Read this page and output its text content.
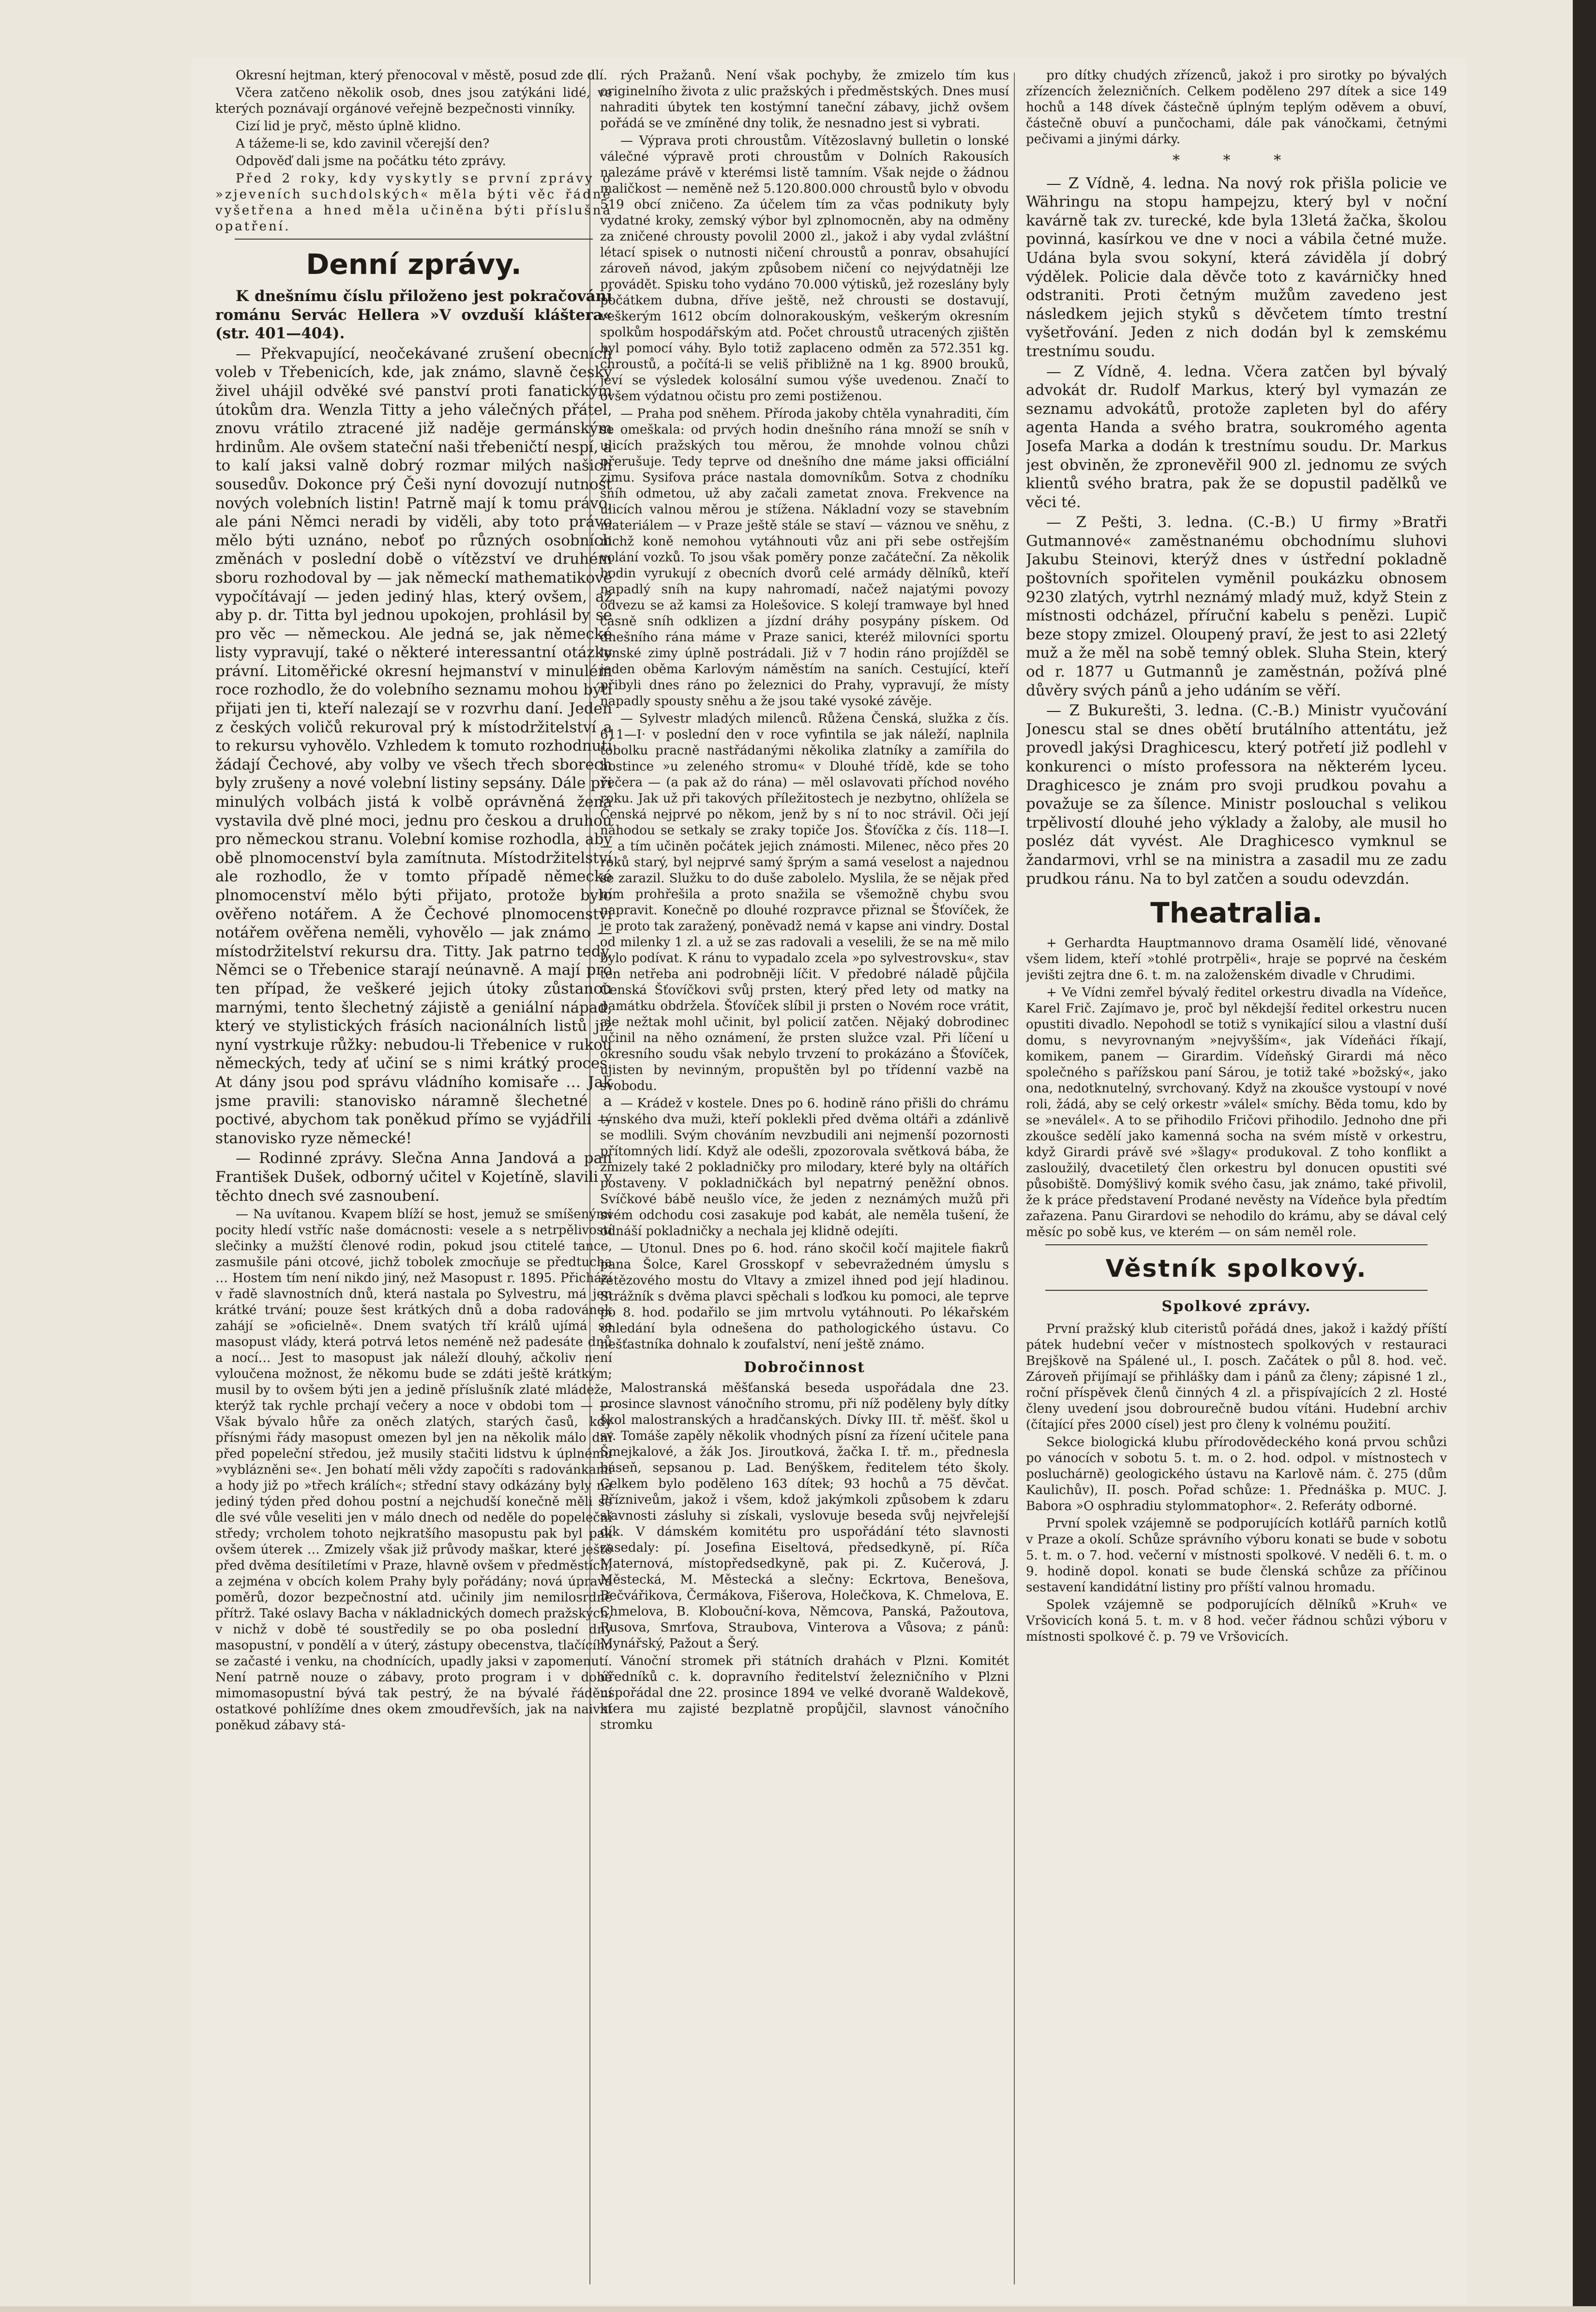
Okresní hejtman, který přenocoval v městě, posud zde dlí.

Včera zatčeno několik osob, dnes jsou zatýkáni lidé, ve kterých poznávají orgánové veřejně bezpečnosti vinníky.

Cizí lid je pryč, město úplně klidno.

A tážeme-li se, kdo zavinil včerejší den?

Odpověď dali jsme na počátku této zprávy.

Před 2 roky, kdy vyskytly se první zprávy o »zjeveních suchdolských« měla býti věc řádně vyšetřena a hned měla učiněna býti příslušná opatření.

Denní zprávy.

K dnešnímu číslu přiloženo jest pokračování románu Servác Hellera »V ovzduší kláštera« (str. 401—404).

— Překvapující, neočekávané zrušení obecních voleb v Třebenicích, kde, jak známo, slavně český živel uhájil odvěké své panství proti fanatickým útokům dra. Wenzla Titty a jeho válečných přátel, znovu vrátilo ztracené již naděje germánským hrdinům. Ale ovšem stateční naši třebeničtí nespí, a to kalí jaksi valně dobrý rozmar milých našich sousedův. Dokonce prý Češi nyní dovozují nutnost nových volebních listin! Patrně mají k tomu právo, ale páni Němci neradi by viděli, aby toto právo mělo býti uznáno, neboť po různých osobních změnách v poslední době o vítězství ve druhém sboru rozhodoval by — jak německí mathematikové vypočítávají — jeden jediný hlas, který ovšem, až aby p. dr. Titta byl jednou upokojen, prohlásil by se pro věc — německou. Ale jedná se, jak německé listy vypravují, také o některé interessantní otázky právní. Litoměřické okresní hejmanství v minulém roce rozhodlo, že do volebního seznamu mohou býti přijati jen ti, kteří nalezají se v rozvrhu daní. Jeden z českých voličů rekuroval prý k místodržitelství a to rekursu vyhovělo. Vzhledem k tomuto rozhodnutí žádají Čechové, aby volby ve všech třech sborech byly zrušeny a nové volební listiny sepsány. Dále při minulých volbách jistá k volbě oprávněná žena vystavila dvě plné moci, jednu pro českou a druhou pro německou stranu. Volební komise rozhodla, aby obě plnomocenství byla zamítnuta. Místodržitelství ale rozhodlo, že v tomto případě německé plnomocenství mělo býti přijato, protože bylo ověřeno notářem. A že Čechové plnomocenství notářem ověřena neměli, vyhovělo — jak známo — místodržitelství rekursu dra. Titty. Jak patrno tedy, Němci se o Třebenice starají neúnavně. A mají pro ten případ, že veškeré jejich útoky zůstanou marnými, tento šlechetný zájistě a geniální nápad, který ve stylistických frásích nacionálních listů již nyní vystrkuje růžky: nebudou-li Třebenice v rukou německých, tedy ať učiní se s nimi krátký proces. At dány jsou pod správu vládního komisaře … Jak jsme pravili: stanovisko náramně šlechetné a poctivé, abychom tak poněkud přímo se vyjádřili — stanovisko ryze německé!

— Rodinné zprávy. Slečna Anna Jandová a pan František Dušek, odborný učitel v Kojetíně, slavili v těchto dnech své zasnoubení.

— Na uvítanou. Kvapem blíží se host, jemuž se smíšenými pocity hledí vstříc naše domácnosti: vesele a s netrpělivostí slečinky a mužští členové rodin, pokud jsou ctitelé tance, zasmušile páni otcové, jichž tobolek zmocňuje se předtucha … Hostem tím není nikdo jiný, než Masopust r. 1895. Přichází v řadě slavnostních dnů, která nastala po Sylvestru, má jen krátké trvání; pouze šest krátkých dnů a doba radovánek zahájí se »oficielně«. Dnem svatých tří králů ujímá se masopust vlády, která potrvá letos neméně než padesáte dnů a nocí… Jest to masopust jak náleží dlouhý, ačkoliv není vyloučena možnost, že někomu bude se zdáti ještě krátkým; musil by to ovšem býti jen a jedině příslušník zlaté mládeže, kterýž tak rychle prchají večery a noce v obdobi tom — — Však bývalo hůře za oněch zlatých, starých časů, kdy přísnými řády masopust omezen byl jen na několik málo dní před popeleční středou, jež musily stačiti lidstvu k úplnému »vyblázněni se«. Jen bohatí měli vždy započíti s radovánkami a hody již po »třech králích«; střední stavy odkázány byly na jediný týden před dohou postní a nejchudší konečně měli se dle své vůle veseliti jen v málo dnech od neděle do popeleční středy; vrcholem tohoto nejkratšího masopustu pak byl pak ovšem úterek … Zmizely však již průvody maškar, které ještě před dvěma desítiletími v Praze, hlavně ovšem v předměstích, a zejména v obcích kolem Prahy byly pořádány; nová úprava poměrů, dozor bezpečnostní atd. učinily jim nemilosrdně přítrž. Také oslavy Bacha v nákladnických domech pražských, v nichž v době té soustředily se po oba poslední dny masopustní, v pondělí a v úterý, zástupy obecenstva, tlačícího se začasté i venku, na chodnících, upadly jaksi v zapomenutí. Není patrně nouze o zábavy, proto program i v době mimomasopustní bývá tak pestrý, že na bývalé řádění ostatkové pohlížíme dnes okem zmoudřevších, jak na naivní poněkud zábavy stá-

rých Pražanů. Není však pochyby, že zmizelo tím kus originelního života z ulic pražských i předměstských. Dnes musí nahraditi úbytek ten kostýmní taneční zábavy, jichž ovšem pořádá se ve zmíněné dny tolik, že nesnadno jest si vybrati.

— Výprava proti chroustům. Vítězoslavný bulletin o lonské válečné výpravě proti chroustům v Dolních Rakousích nalezáme právě v kterémsi listě tamním. Však nejde o žádnou maličkost — neměně než 5.120.800.000 chroustů bylo v obvodu 519 obcí zničeno. Za účelem tím za včas podnikuty byly vydatné kroky, zemský výbor byl zplnomocněn, aby na odměny za zničené chrousty povolil 2000 zl., jakož i aby vydal zvláštní létací spisek o nutnosti ničení chroustů a ponrav, obsahující zároveň návod, jakým způsobem ničení co nejvýdatněji lze provádět. Spisku toho vydáno 70.000 výtisků, jež rozeslány byly počátkem dubna, dříve ještě, než chrousti se dostavují, veškerým 1612 obcím dolnorakouským, veškerým okresním spolkům hospodářským atd. Počet chroustů utracených zjištěn byl pomocí váhy. Bylo totiž zaplaceno odměn za 572.351 kg. chroustů, a počítá-li se veliš přibližně na 1 kg. 8900 brouků, jeví se výsledek kolosální sumou výše uvedenou. Značí to ovšem výdatnou očistu pro zemi postiženou.

— Praha pod sněhem. Příroda jakoby chtěla vynahraditi, čím se omeškala: od prvých hodin dnešního rána množí se sníh v ulicích pražských tou měrou, že mnohde volnou chůzi přerušuje. Tedy teprve od dnešního dne máme jaksi officiální zimu. Sysifova práce nastala domovníkům. Sotva z chodníku sníh odmetou, už aby začali zametat znova. Frekvence na ulicích valnou měrou je stížena. Nákladní vozy se stavebním materiálem — v Praze ještě stále se staví — váznou ve sněhu, z nichž koně nemohou vytáhnouti vůz ani při sebe ostřejším volání vozků. To jsou však poměry ponze začáteční. Za několik hodin vyrukují z obecních dvorů celé armády dělníků, kteří napadlý sníh na kupy nahromadí, načež najatými povozy odvezu se až kamsi za Holešovice. S kolejí tramwaye byl hned časně sníh odklizen a jízdní dráhy posypány pískem. Od dnešního rána máme v Praze sanici, kteréž milovníci sportu lonské zimy úplně postrádali. Již v 7 hodin ráno projížděl se jeden oběma Karlovým náměstím na saních. Cestující, kteří přibyli dnes ráno po železnici do Prahy, vypravují, že místy napadly spousty sněhu a že jsou také vysoké závěje.

— Sylvestr mladých milenců. Růžena Čenská, služka z čís. 611—I· v poslední den v roce vyfintila se jak náleží, naplnila tobolku pracně nastřádanými několika zlatníky a zamířila do hostince »u zeleného stromu« v Dlouhé třídě, kde se toho večera — (a pak až do rána) — měl oslavovati příchod nového roku. Jak už při takových příležitostech je nezbytno, ohlížela se Čenská nejprvé po někom, jenž by s ní to noc strávil. Oči její náhodou se setkaly se zraky topiče Jos. Šťovíčka z čís. 118—I. — a tím učiněn počátek jejich známosti. Milenec, něco přes 20 roků starý, byl nejprvé samý šprým a samá veselost a najednou se zarazil. Služku to do duše zabolelo. Myslila, že se nějak před ním prohřešila a proto snažila se všemožně chybu svou napravit. Konečně po dlouhé rozpravce přiznal se Šťovíček, že je proto tak zaražený, poněvadž nemá v kapse ani vindry. Dostal od milenky 1 zl. a už se zas radovali a veselili, že se na mě milo bylo podívat. K ránu to vypadalo zcela »po sylvestrovsku«, stav ten netřeba ani podrobněji líčit. V předobré náladě půjčila Čenská Šťovíčkovi svůj prsten, který před lety od matky na památku obdržela. Šťovíček slíbil ji prsten o Novém roce vrátit, ale nežtak mohl učinit, byl policií zatčen. Nějaký dobrodinec učinil na něho oznámení, že prsten služce vzal. Při líčení u okresního soudu však nebylo trvzení to prokázáno a Šťovíček, ujisten by nevinným, propuštěn byl po třídenní vazbě na svobodu.

— Krádež v kostele. Dnes po 6. hodině ráno přišli do chrámu týnského dva muži, kteří poklekli před dvěma oltáři a zdánlivě se modlili. Svým chováním nevzbudili ani nejmenší pozornosti přítomných lidí. Když ale odešli, zpozorovala světková bába, že zmizely také 2 pokladničky pro milodary, které byly na oltářích postaveny. V pokladničkách byl nepatrný peněžní obnos. Svíčkové bábě neušlo více, že jeden z neznámých mužů při svém odchodu cosi zasakuje pod kabát, ale neměla tušení, že odnáší pokladničky a nechala jej klidně odejíti.

— Utonul. Dnes po 6. hod. ráno skočil kočí majitele fiakrů pana Šolce, Karel Grosskopf v sebevražedném úmyslu s řetězového mostu do Vltavy a zmizel ihned pod její hladinou. Strážník s dvěma plavci spěchali s loďkou ku pomoci, ale teprve po 8. hod. podařilo se jim mrtvolu vytáhnouti. Po lékařském ohledání byla odnešena do pathologického ústavu. Co nešťastníka dohnalo k zoufalství, není ještě známo.

Dobročinnost

Malostranská měšťanská beseda uspořádala dne 23. prosince slavnost vánočního stromu, při níž poděleny byly dítky škol malostranských a hradčanských. Dívky III. tř. měšť. škol u sv. Tomáše zapěly několik vhodných písní za řízení učitele pana Šmejkalové, a žák Jos. Jiroutková, žačka I. tř. m., přednesla báseň, sepsanou p. Lad. Benýškem, ředitelem této školy. Celkem bylo poděleno 163 dítek; 93 hochů a 75 děvčat. Přízniveům, jakož i všem, kdož jakýmkoli způsobem k zdaru slavnosti zásluhy si získali, vyslovuje beseda svůj nejvřelejší dík. V dámském komitétu pro uspořádání této slavnosti zasedaly: pí. Josefina Eiseltová, předsedkyně, pí. Ríča Maternová, místopředsedkyně, pak pi. Z. Kučerová, J. Městecká, M. Městecká a slečny: Eckrtova, Benešova, Bečvářikova, Čermákova, Fišerova, Holečkova, K. Chmelova, E. Chmelova, B. Klobouční-kova, Němcova, Panská, Pažoutova, Rusova, Smrťova, Straubova, Vinterova a Vůsova; z pánů: Mynářský, Pažout a Šerý.

Vánoční stromek při státních drahách v Plzni. Komitét úředníků c. k. dopravního ředitelství železničního v Plzni uspořádal dne 22. prosince 1894 ve velké dvoraně Waldekově, ktera mu zajisté bezplatně propůjčil, slavnost vánočního stromku

pro dítky chudých zřízenců, jakož i pro sirotky po bývalých zřízencích železničních. Celkem poděleno 297 dítek a sice 149 hochů a 148 dívek částečně úplným teplým oděvem a obuví, částečně obuví a punčochami, dále pak vánočkami, četnými pečivami a jinými dárky.

* * *

— Z Vídně, 4. ledna. Na nový rok přišla policie ve Währingu na stopu hampejzu, který byl v noční kavárně tak zv. turecké, kde byla 13letá žačka, školou povinná, kasírkou ve dne v noci a vábila četné muže. Udána byla svou sokyní, která záviděla jí dobrý výdělek. Policie dala děvče toto z kavárničky hned odstraniti. Proti četným mužům zavedeno jest následkem jejich styků s děvčetem tímto trestní vyšetřování. Jeden z nich dodán byl k zemskému trestnímu soudu.

— Z Vídně, 4. ledna. Včera zatčen byl bývalý advokát dr. Rudolf Markus, který byl vymazán ze seznamu advokátů, protože zapleten byl do aféry agenta Handa a svého bratra, soukromého agenta Josefa Marka a dodán k trestnímu soudu. Dr. Markus jest obviněn, že zpronevěřil 900 zl. jednomu ze svých klientů svého bratra, pak že se dopustil padělků ve věci té.

— Z Pešti, 3. ledna. (C.-B.) U firmy »Bratři Gutmannové« zaměstnanému obchodnímu sluhovi Jakubu Steinovi, kterýž dnes v ústřední pokladně poštovních spořitelen vyměnil poukázku obnosem 9230 zlatých, vytrhl neznámý mladý muž, když Stein z místnosti odcházel, příruční kabelu s penězi. Lupič beze stopy zmizel. Oloupený praví, že jest to asi 22letý muž a že měl na sobě temný oblek. Sluha Stein, který od r. 1877 u Gutmannů je zaměstnán, požívá plné důvěry svých pánů a jeho udáním se věří.

— Z Bukurešti, 3. ledna. (C.-B.) Ministr vyučování Jonescu stal se dnes obětí brutálního attentátu, jež provedl jakýsi Draghicescu, který potřetí již podlehl v konkurenci o místo professora na některém lyceu. Draghicesco je znám pro svoji prudkou povahu a považuje se za šílence. Ministr poslouchal s velikou trpělivostí dlouhé jeho výklady a žaloby, ale musil ho posléz dát vyvést. Ale Draghicesco vymknul se žandarmovi, vrhl se na ministra a zasadil mu ze zadu prudkou ránu. Na to byl zatčen a soudu odevzdán.

Theatralia.

+ Gerhardta Hauptmannovo drama Osamělí lidé, věnované všem lidem, kteří »tohlé protrpěli«, hraje se poprvé na českém jevišti zejtra dne 6. t. m. na založenském divadle v Chrudimi.

+ Ve Vídni zemřel bývalý ředitel orkestru divadla na Vídeňce, Karel Frič. Zajímavo je, proč byl někdejší ředitel orkestru nucen opustiti divadlo. Nepohodl se totiž s vynikající silou a vlastní duší domu, s nevyrovnaným »nejvyšším«, jak Vídeňáci říkají, komikem, panem — Girardim. Vídeňský Girardi má něco společného s pařížskou paní Sárou, je totiž také »božský«, jako ona, nedotknutelný, svrchovaný. Když na zkoušce vystoupí v nové roli, žádá, aby se celý orkestr »válel« smíchy. Běda tomu, kdo by se »neválel«. A to se přihodilo Fričovi přihodilo. Jednoho dne při zkoušce sedělí jako kamenná socha na svém místě v orkestru, když Girardi právě své »šlagy« produkoval. Z toho konflikt a zasloužilý, dvacetiletý člen orkestru byl donucen opustiti své působiště. Domýšlivý komik svého času, jak známo, také přivolil, že k práce představení Prodané nevěsty na Vídeňce byla předtím zařazena. Panu Girardovi se nehodilo do krámu, aby se dával celý měsíc po sobě kus, ve kterém — on sám neměl role.

Věstník spolkový.
Spolkové zprávy.

První pražský klub citeristů pořádá dnes, jakož i každý příští pátek hudební večer v místnostech spolkových v restauraci Brejškově na Spálené ul., I. posch. Začátek o půl 8. hod. več. Zároveň přijímají se přihlášky dam i pánů za členy; zápisné 1 zl., roční příspěvek členů činných 4 zl. a přispívajících 2 zl. Hosté členy uvedení jsou dobrourečně budou vítáni. Hudební archiv (čítající přes 2000 císel) jest pro členy k volnému použití.

Sekce biologická klubu přírodovědeckého koná prvou schůzi po vánocích v sobotu 5. t. m. o 2. hod. odpol. v místnostech v posluchárně) geologického ústavu na Karlově nám. č. 275 (dům Kaulichův), II. posch. Pořad schůze: 1. Přednáška p. MUC. J. Babora »O osphradiu stylommatophor«. 2. Referáty odborné.

První spolek vzájemně se podporujících kotlářů parních kotlů v Praze a okolí. Schůze správního výboru konati se bude v sobotu 5. t. m. o 7. hod. večerní v místnosti spolkové. V neděli 6. t. m. o 9. hodině dopol. konati se bude členská schůze za příčinou sestavení kandidátní listiny pro příští valnou hromadu.

Spolek vzájemně se podporujících dělníků »Kruh« ve Vršovicích koná 5. t. m. v 8 hod. večer řádnou schůzi výboru v místnosti spolkové č. p. 79 ve Vršovicích.
